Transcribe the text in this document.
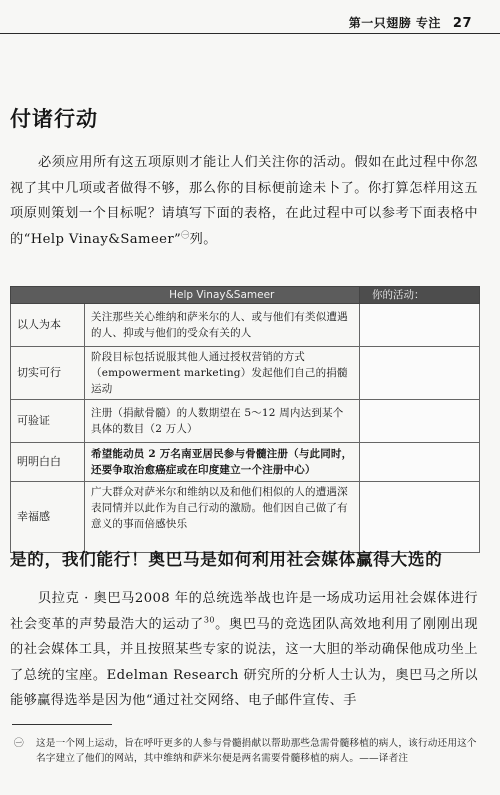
第一只翅膀 专注 27
付诸行动

必须应用所有这五项原则才能让人们关注你的活动。假如在此过程中你忽视了其中几项或者做得不够，那么你的目标便前途未卜了。你打算怎样用这五项原则策划一个目标呢？请填写下面的表格，在此过程中可以参考下面表格中的“Help Vinay&Sameer”$^㊀$列。

	Help Vinay&Sameer	你的活动：
以人为本	关注那些关心维纳和萨米尔的人、或与他们有类似遭遇的人、抑或与他们的受众有关的人	
切实可行	阶段目标包括说服其他人通过授权营销的方式（empowerment marketing）发起他们自己的捐髓运动	
可验证	注册（捐献骨髓）的人数期望在 5～12 周内达到某个具体的数目（2 万人）	
明明白白	希望能动员 2 万名南亚居民参与骨髓注册（与此同时，还要争取治愈癌症或在印度建立一个注册中心）	
幸福感	广大群众对萨米尔和维纳以及和他们相似的人的遭遇深表同情并以此作为自己行动的激励。他们因自己做了有意义的事而倍感快乐	
是的，我们能行！奥巴马是如何利用社会媒体赢得大选的

贝拉克 · 奥巴马2008 年的总统选举战也许是一场成功运用社会媒体进行社会变革的声势最浩大的运动了$^{30}$。奥巴马的竞选团队高效地利用了刚刚出现的社会媒体工具，并且按照某些专家的说法，这一大胆的举动确保他成功坐上了总统的宝座。Edelman Research 研究所的分析人士认为，奥巴马之所以能够赢得选举是因为他“通过社交网络、电子邮件宣传、手

㊀ 这是一个网上运动，旨在呼吁更多的人参与骨髓捐献以帮助那些急需骨髓移植的病人，该行动还用这个名字建立了他们的网站，其中维纳和萨米尔便是两名需要骨髓移植的病人。——译者注
